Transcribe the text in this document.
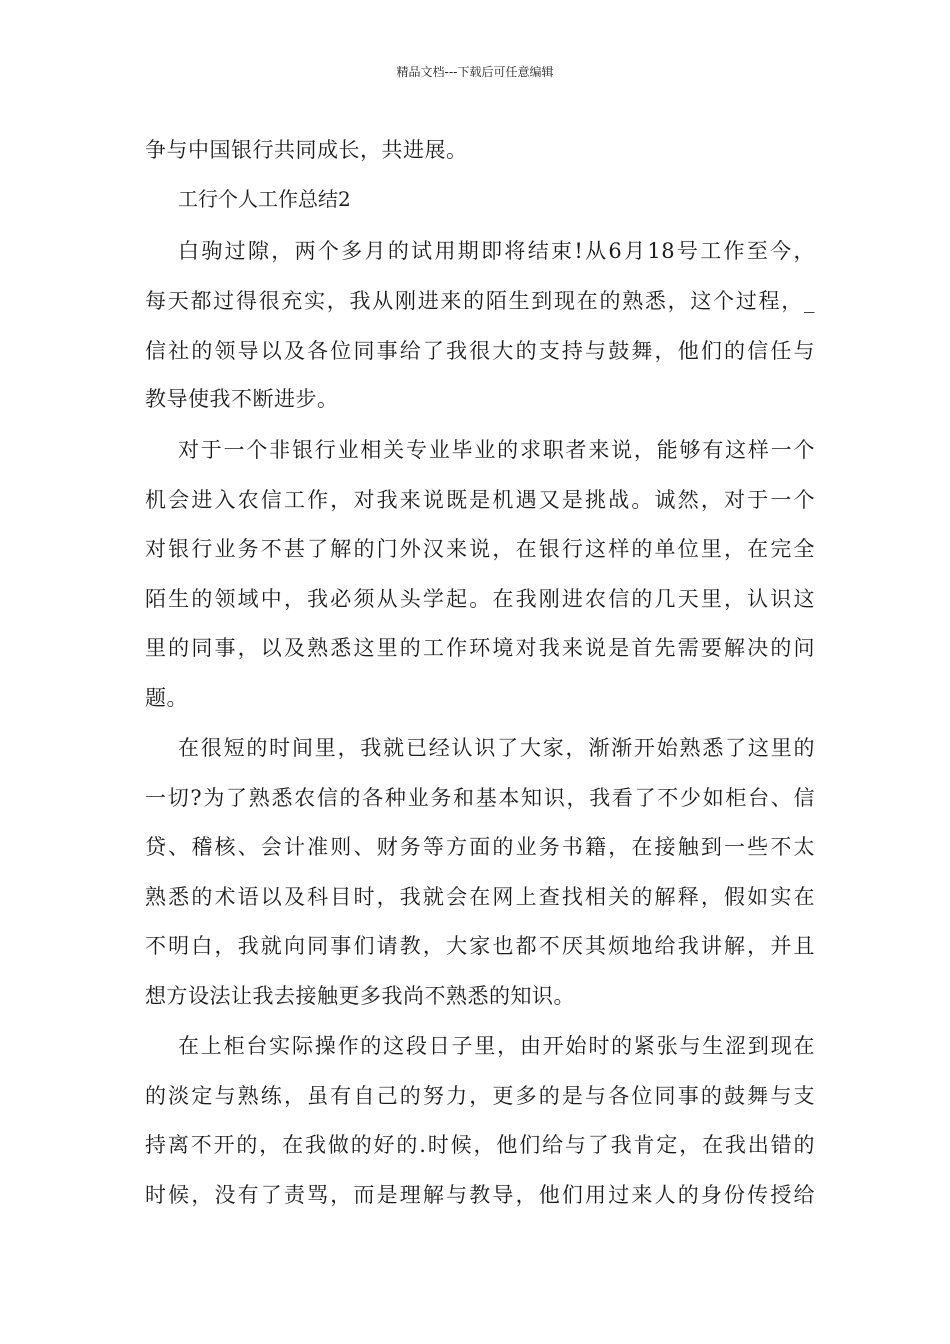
精品文档---下载后可任意编辑
争与中国银行共同成长，共进展。
工行个人工作总结2
白驹过隙，两个多月的试用期即将结束!从6月18号工作至今，
每天都过得很充实，我从刚进来的陌生到现在的熟悉，这个过程，_
信社的领导以及各位同事给了我很大的支持与鼓舞，他们的信任与
教导使我不断进步。
对于一个非银行业相关专业毕业的求职者来说，能够有这样一个
机会进入农信工作，对我来说既是机遇又是挑战。诚然，对于一个
对银行业务不甚了解的门外汉来说，在银行这样的单位里，在完全
陌生的领域中，我必须从头学起。在我刚进农信的几天里，认识这
里的同事，以及熟悉这里的工作环境对我来说是首先需要解决的问
题。
在很短的时间里，我就已经认识了大家，渐渐开始熟悉了这里的
一切?为了熟悉农信的各种业务和基本知识，我看了不少如柜台、信
贷、稽核、会计准则、财务等方面的业务书籍，在接触到一些不太
熟悉的术语以及科目时，我就会在网上查找相关的解释，假如实在
不明白，我就向同事们请教，大家也都不厌其烦地给我讲解，并且
想方设法让我去接触更多我尚不熟悉的知识。
在上柜台实际操作的这段日子里，由开始时的紧张与生涩到现在
的淡定与熟练，虽有自己的努力，更多的是与各位同事的鼓舞与支
持离不开的，在我做的好的.时候，他们给与了我肯定，在我出错的
时候，没有了责骂，而是理解与教导，他们用过来人的身份传授给
